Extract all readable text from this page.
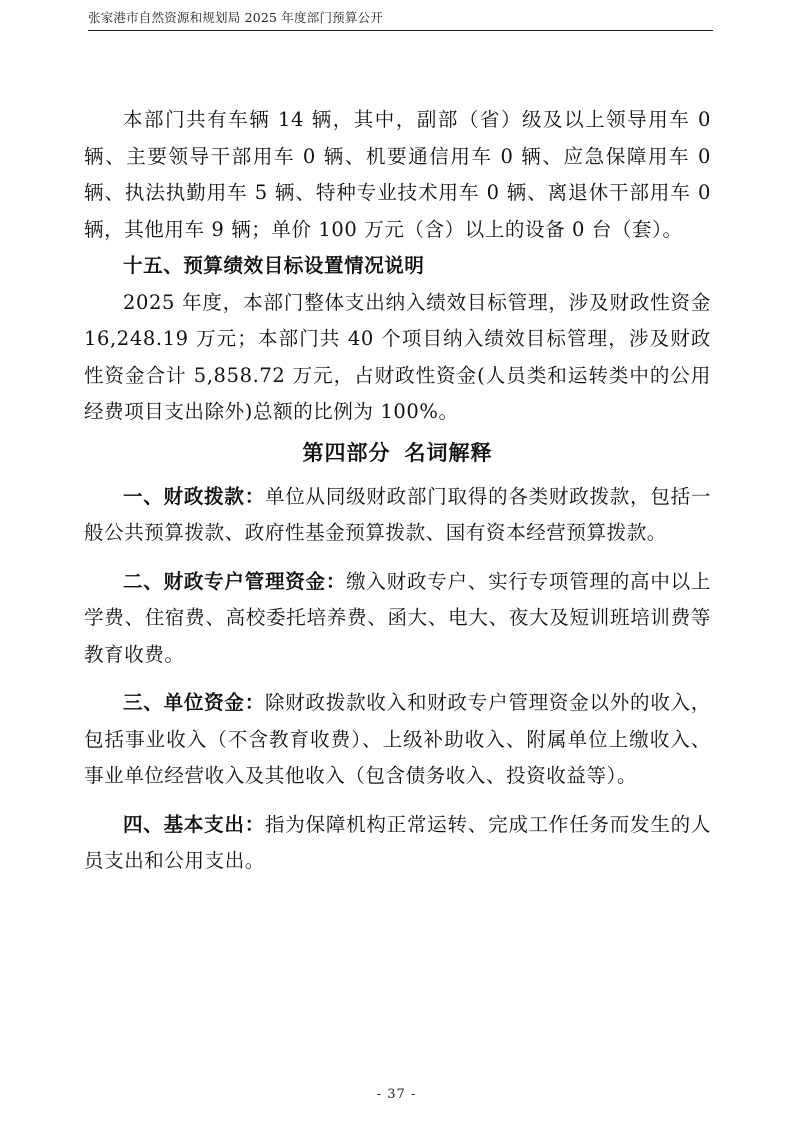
张家港市自然资源和规划局 2025 年度部门预算公开

本部门共有车辆 14 辆，其中，副部（省）级及以上领导用车 0 辆、主要领导干部用车 0 辆、机要通信用车 0 辆、应急保障用车 0 辆、执法执勤用车 5 辆、特种专业技术用车 0 辆、离退休干部用车 0 辆，其他用车 9 辆；单价 100 万元（含）以上的设备 0 台（套）。

十五、预算绩效目标设置情况说明

2025 年度，本部门整体支出纳入绩效目标管理，涉及财政性资金 16,248.19 万元；本部门共 40 个项目纳入绩效目标管理，涉及财政性资金合计 5,858.72 万元，占财政性资金(人员类和运转类中的公用经费项目支出除外)总额的比例为 100%。

第四部分 名词解释

一、财政拨款：单位从同级财政部门取得的各类财政拨款，包括一般公共预算拨款、政府性基金预算拨款、国有资本经营预算拨款。

二、财政专户管理资金：缴入财政专户、实行专项管理的高中以上学费、住宿费、高校委托培养费、函大、电大、夜大及短训班培训费等教育收费。

三、单位资金：除财政拨款收入和财政专户管理资金以外的收入，包括事业收入（不含教育收费）、上级补助收入、附属单位上缴收入、事业单位经营收入及其他收入（包含债务收入、投资收益等）。

四、基本支出：指为保障机构正常运转、完成工作任务而发生的人员支出和公用支出。

- 37 -
